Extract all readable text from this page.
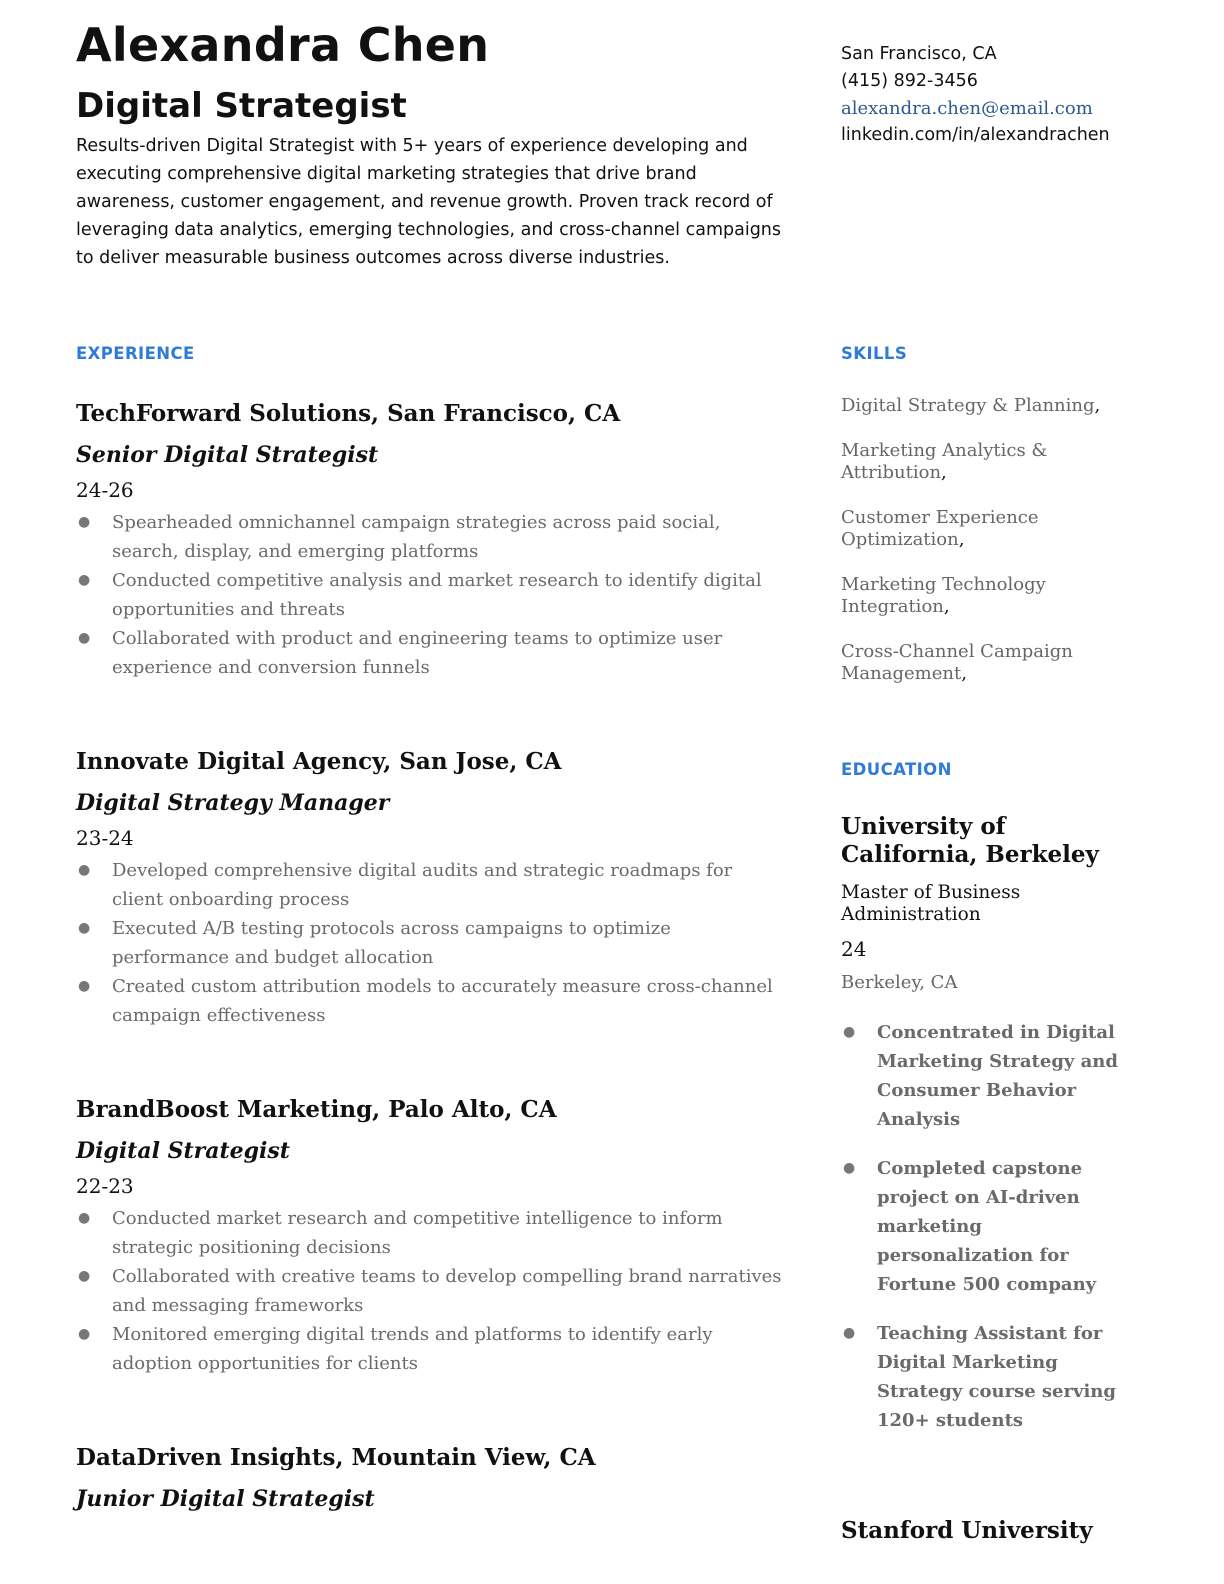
Alexandra Chen
Digital Strategist

Results-driven Digital Strategist with 5+ years of experience developing and executing comprehensive digital marketing strategies that drive brand awareness, customer engagement, and revenue growth. Proven track record of leveraging data analytics, emerging technologies, and cross-channel campaigns to deliver measurable business outcomes across diverse industries.

San Francisco, CA
(415) 892-3456
alexandra.chen@email.com
linkedin.com/in/alexandrachen
EXPERIENCE
TechForward Solutions, San Francisco, CA
Senior Digital Strategist
24-26
● Spearheaded omnichannel campaign strategies across paid social, search, display, and emerging platforms
● Conducted competitive analysis and market research to identify digital opportunities and threats
● Collaborated with product and engineering teams to optimize user experience and conversion funnels
Innovate Digital Agency, San Jose, CA
Digital Strategy Manager
23-24
● Developed comprehensive digital audits and strategic roadmaps for client onboarding process
● Executed A/B testing protocols across campaigns to optimize performance and budget allocation
● Created custom attribution models to accurately measure cross-channel campaign effectiveness
BrandBoost Marketing, Palo Alto, CA
Digital Strategist
22-23
● Conducted market research and competitive intelligence to inform strategic positioning decisions
● Collaborated with creative teams to develop compelling brand narratives and messaging frameworks
● Monitored emerging digital trends and platforms to identify early adoption opportunities for clients
DataDriven Insights, Mountain View, CA
Junior Digital Strategist
SKILLS
Digital Strategy & Planning,
Marketing Analytics & Attribution,
Customer Experience Optimization,
Marketing Technology Integration,
Cross-Channel Campaign Management,
EDUCATION
University of California, Berkeley
Master of Business Administration
24
Berkeley, CA
● Concentrated in Digital Marketing Strategy and Consumer Behavior Analysis
● Completed capstone project on AI-driven marketing personalization for Fortune 500 company
● Teaching Assistant for Digital Marketing Strategy course serving 120+ students
Stanford University
